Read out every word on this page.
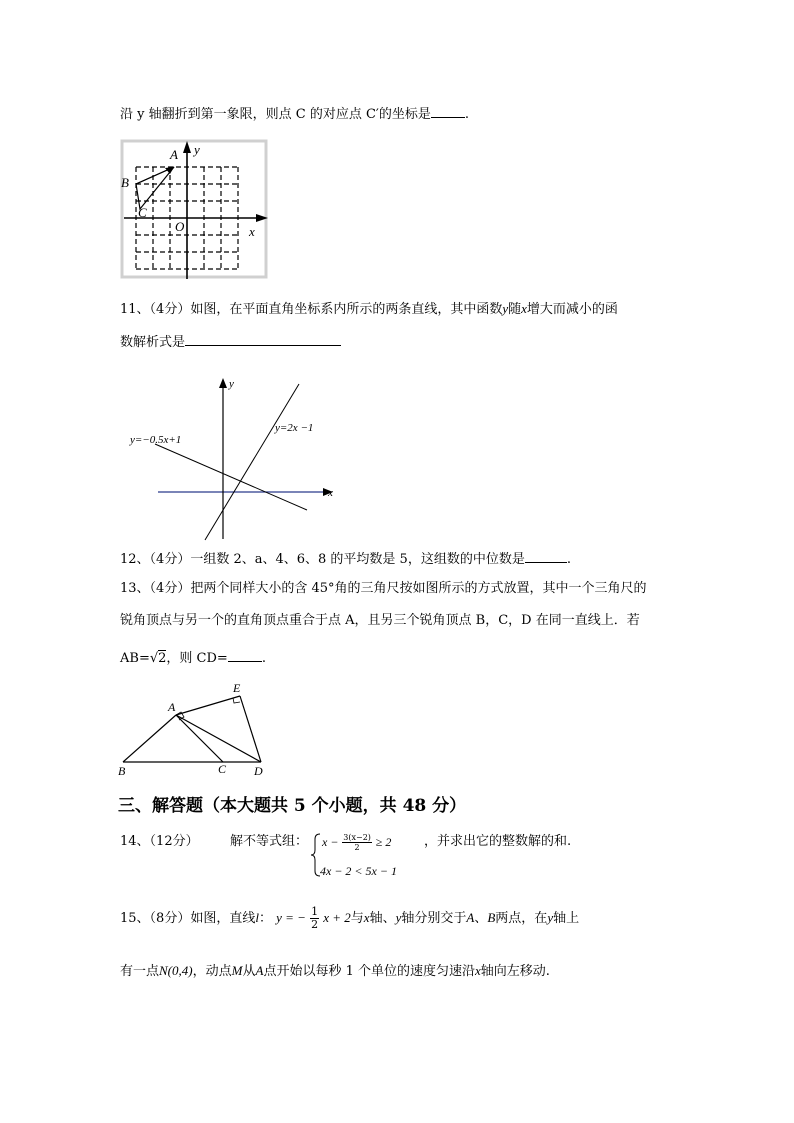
沿 y 轴翻折到第一象限，则点 C 的对应点 C′的坐标是	.
A
B
C
O
y
x
11、（4分）如图，在平面直角坐标系内所示的两条直线，其中函数y随x增大而减小的函
数解析式是
y
x
y=−0.5x+1
y=2x −1
12、（4分）一组数 2、a、4、6、8 的平均数是 5，这组数的中位数是	.
13、（4分）把两个同样大小的含 45°角的三角尺按如图所示的方式放置，其中一个三角尺的
锐角顶点与另一个的直角顶点重合于点 A，且另三个锐角顶点 B，C，D 在同一直线上．若
AB=√2，则 CD=	.
A
E
B	C D
三、解答题（本大题共 5 个小题，共 48 分）
14、（12分） 解不等式组： $x - \frac{3(x-2)}{2} \ge 2$
4x − 2 < 5x − 1
，并求出它的整数解的和.
15、（8分）如图，直线l： y = − $\frac{1}{2}$ x + 2与x轴、y轴分别交于A、B两点，在y轴上
有一点N(0,4)，动点M从A点开始以每秒 1 个单位的速度匀速沿x轴向左移动.
